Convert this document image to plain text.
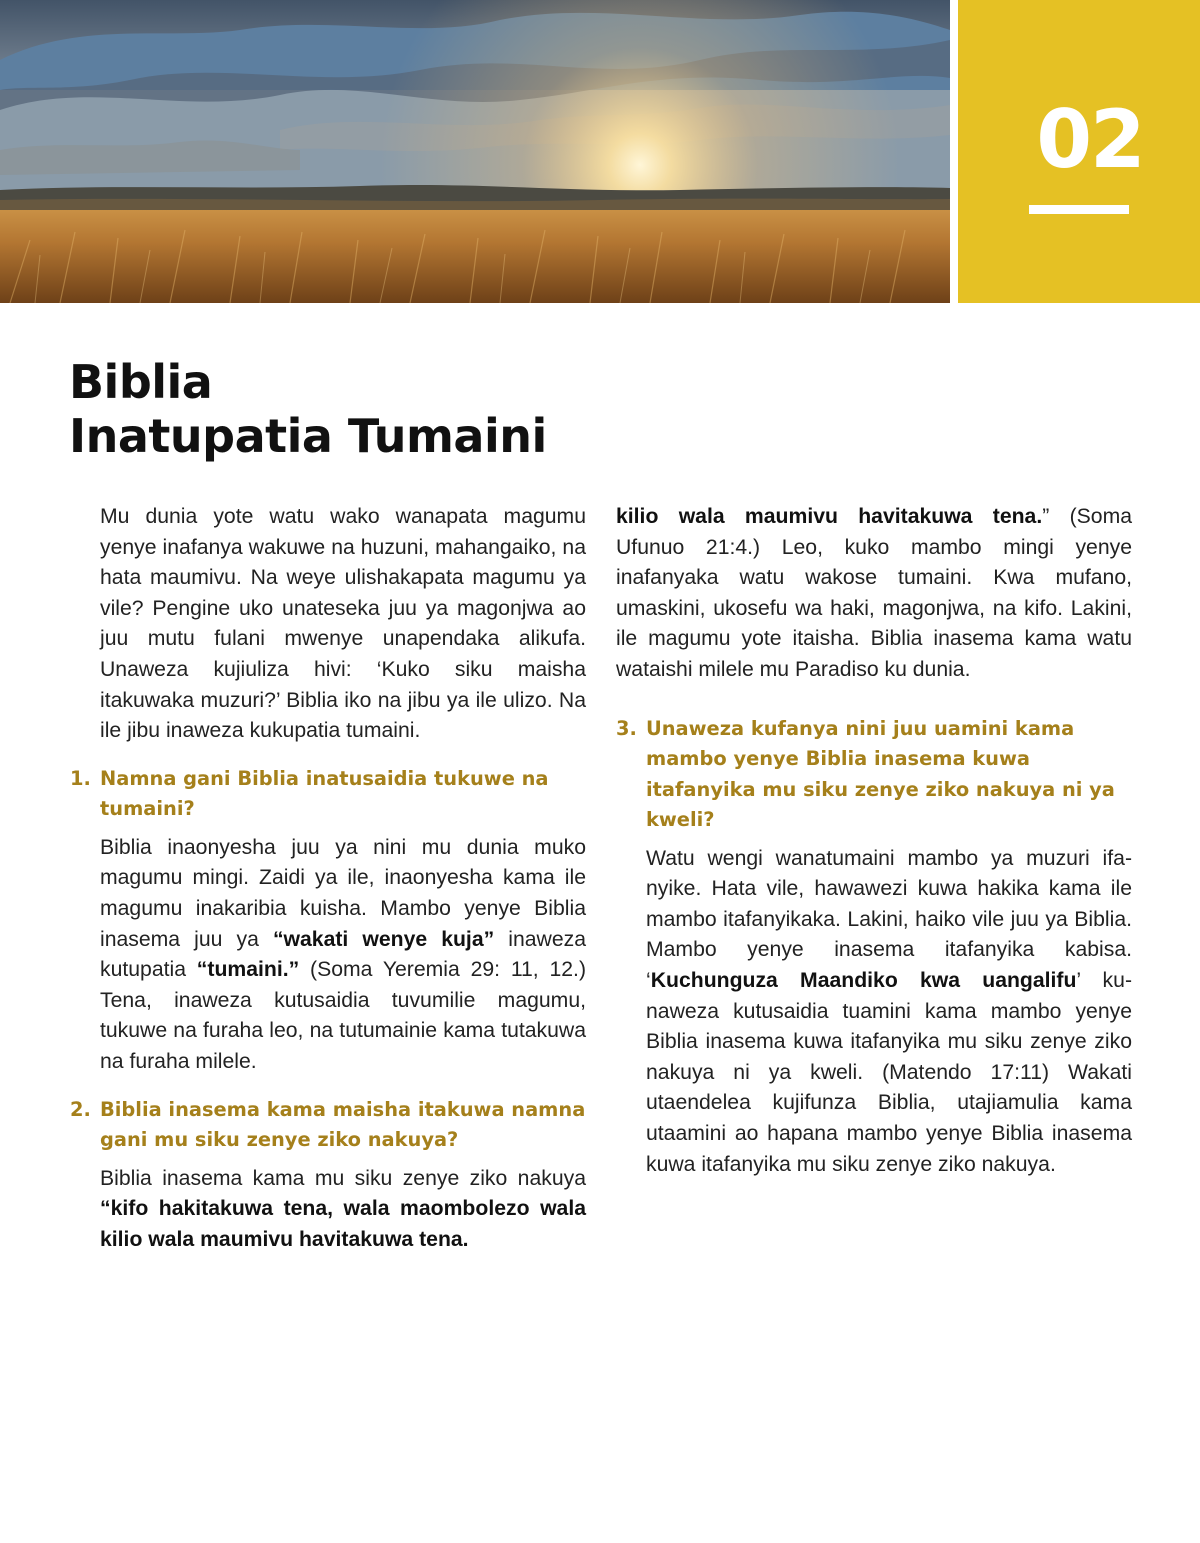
02
Biblia
Inatupatia Tumaini

Mu dunia yote watu wako wanapata magumu yenye inafanya wakuwe na huzuni, mahangaiko, na hata maumivu. Na weye ulishakapata magumu ya vile? Pengine uko unateseka juu ya magonjwa ao juu mutu fulani mwenye unapendaka alikufa. Unaweza kujiuliza hivi: ‘Kuko siku maisha itakuwaka muzuri?’ Biblia iko na jibu ya ile ulizo. Na ile jibu inaweza kukupatia tumaini.

1. Namna gani Biblia inatusaidia tukuwe na tumaini?

Biblia inaonyesha juu ya nini mu dunia muko magumu mingi. Zaidi ya ile, inaonyesha kama ile magumu inakaribia kuisha. Mambo yenye Biblia inasema juu ya “wakati wenye kuja” inaweza kutupatia “tumaini.” (Soma Yeremia 29: 11, 12.) Tena, inaweza kutusaidia tuvumilie magumu, tukuwe na furaha leo, na tutumainie kama tutakuwa na furaha milele.

2. Biblia inasema kama maisha itakuwa namna gani mu siku zenye ziko nakuya?

Biblia inasema kama mu siku zenye ziko nakuya “kifo hakitakuwa tena, wala maombolezo wala kilio wala maumivu havitakuwa tena.

kilio wala maumivu havitakuwa tena.” (Soma Ufunuo 21:4.) Leo, kuko mambo mingi yenye inafanyaka watu wakose tumaini. Kwa mufano, umaskini, ukosefu wa haki, magonjwa, na kifo. Lakini, ile magumu yote itaisha. Biblia inasema kama watu wataishi milele mu Paradiso ku dunia.

3. Unaweza kufanya nini juu uamini kama mambo yenye Biblia inasema kuwa itafanyika mu siku zenye ziko nakuya ni ya kweli?

Watu wengi wanatumaini mambo ya muzuri ifanyike. Hata vile, hawawezi kuwa hakika kama ile mambo itafanyikaka. Lakini, haiko vile juu ya Biblia. Mambo yenye inasema itafanyika kabisa. ‘Kuchunguza Maandiko kwa uangalifu’ kunaweza kutusaidia tuamini kama mambo yenye Biblia inasema kuwa itafanyika mu siku zenye ziko nakuya ni ya kweli. (Matendo 17:11) Wakati utaendelea kujifunza Biblia, utajiamulia kama utaamini ao hapana mambo yenye Biblia inasema kuwa itafanyika mu siku zenye ziko nakuya.
